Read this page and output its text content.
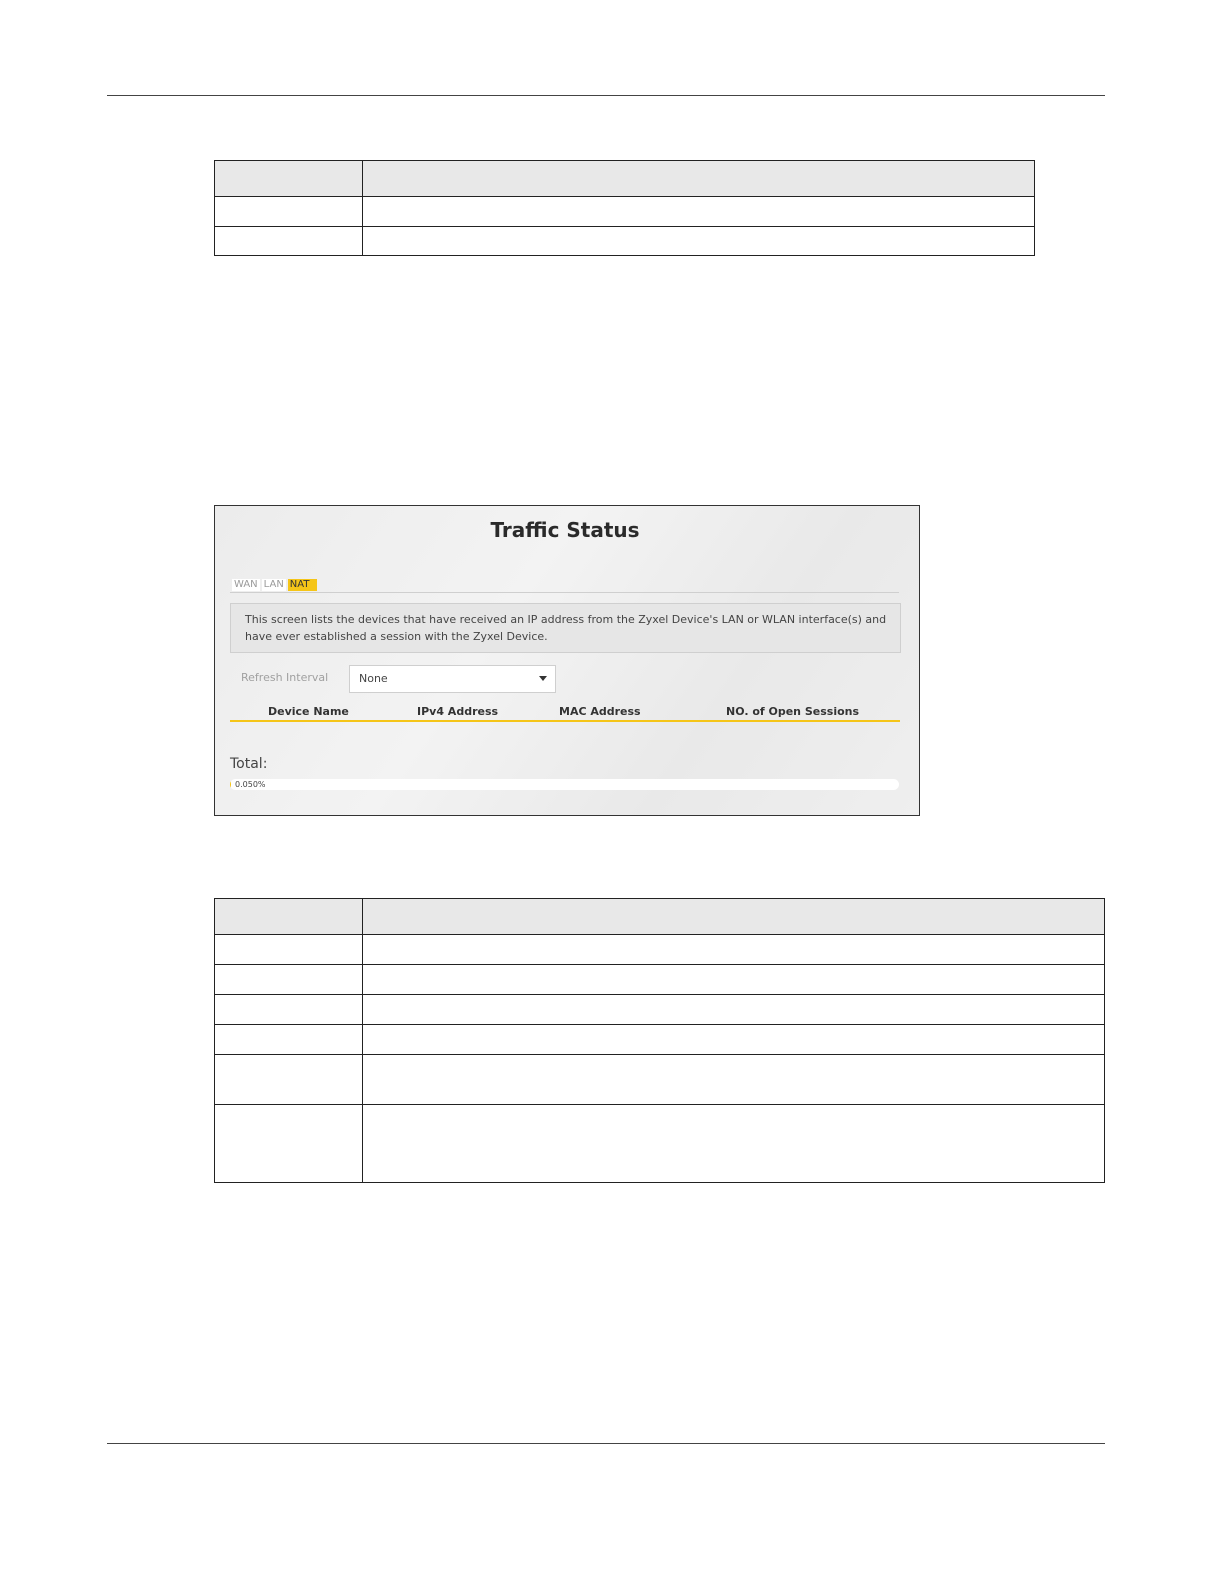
Traffic Status
WAN LAN NAT
This screen lists the devices that have received an IP address from the Zyxel Device's LAN or WLAN interface(s) and have ever established a session with the Zyxel Device.
Refresh Interval	None
Device Name	IPv4 Address	MAC Address	NO. of Open Sessions
Total:
0.050%
